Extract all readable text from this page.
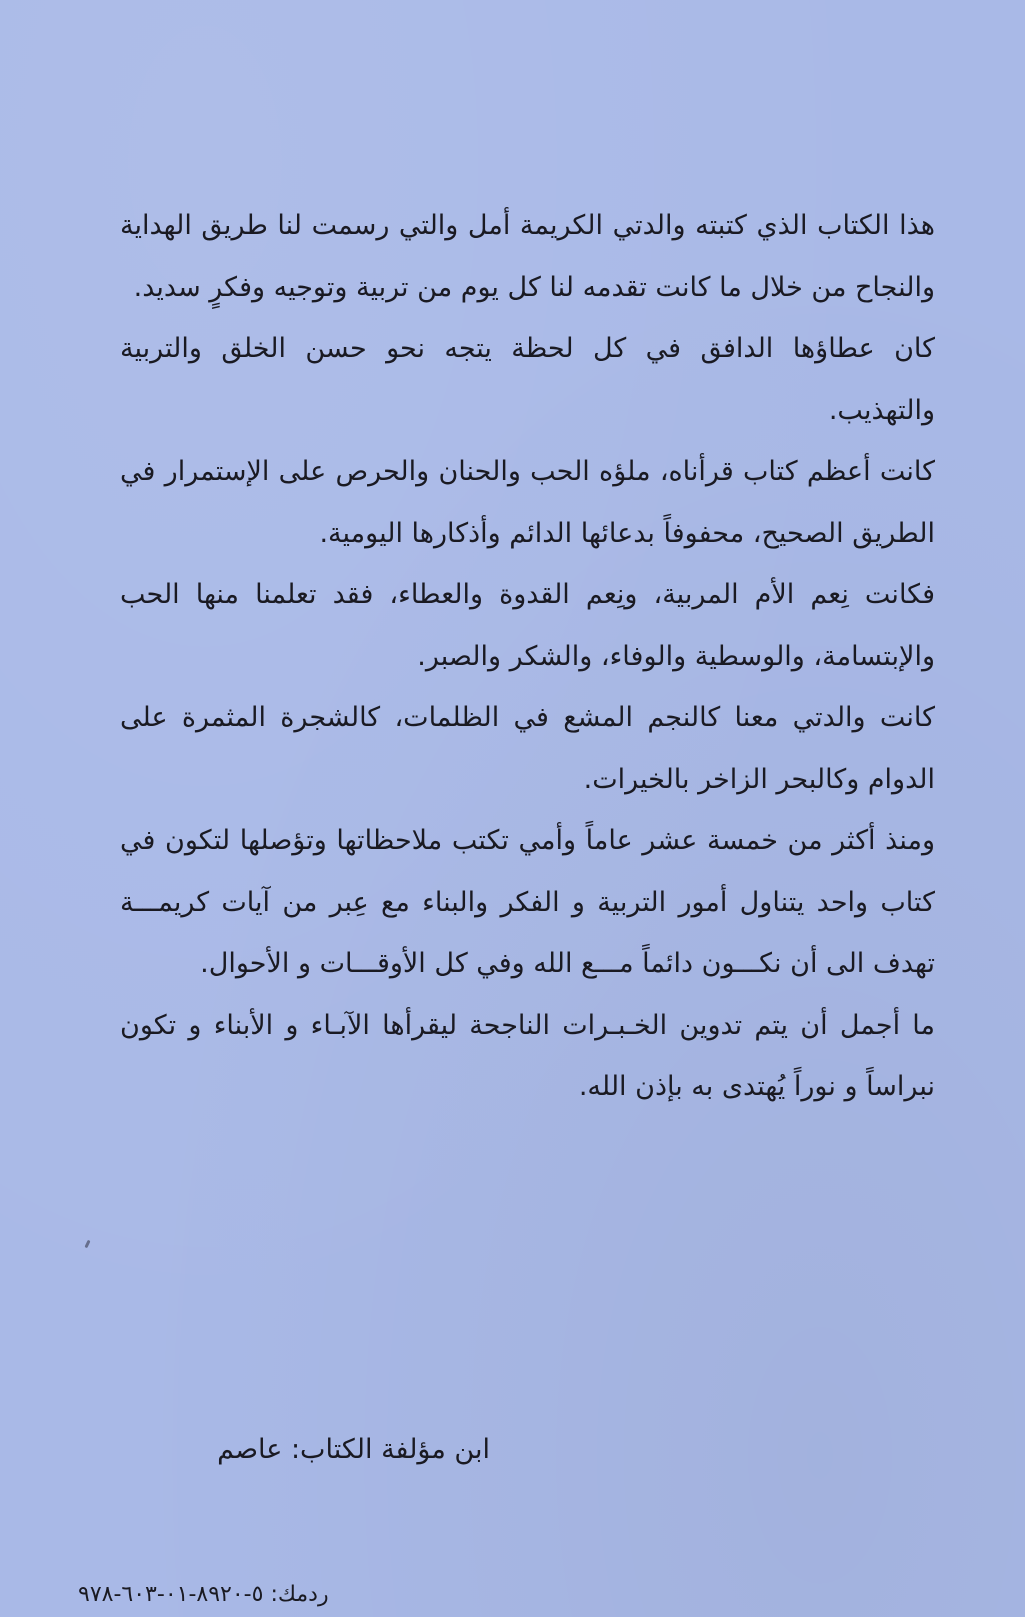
هذا الكتاب الذي كتبته والدتي الكريمة أمل والتي رسمت لنا طريق الهداية والنجاح من خلال ما كانت تقدمه لنا كل يوم من تربية وتوجيه وفكرٍ سديد.

كان عطاؤها الدافق في كل لحظة يتجه نحو حسن الخلق والتربية والتهذيب.

كانت أعظم كتاب قرأناه، ملؤه الحب والحنان والحرص على الإستمرار في الطريق الصحيح، محفوفاً بدعائها الدائم وأذكارها اليومية.

فكانت نِعم الأم المربية، ونِعم القدوة والعطاء، فقد تعلمنا منها الحب والإبتسامة، والوسطية والوفاء، والشكر والصبر.

كانت والدتي معنا كالنجم المشع في الظلمات، كالشجرة المثمرة على الدوام وكالبحر الزاخر بالخيرات.

ومنذ أكثر من خمسة عشر عاماً وأمي تكتب ملاحظاتها وتؤصلها لتكون في كتاب واحد يتناول أمور التربية و الفكر والبناء مع عِبر من آيات كريمـــة تهدف الى أن نكـــون دائماً مـــع الله وفي كل الأوقـــات و الأحوال.

ما أجمل أن يتم تدوين الخـبـرات الناجحة ليقرأها الآبـاء و الأبناء و تكون نبراساً و نوراً يُهتدى به بإذن الله.

ابن مؤلفة الكتاب: عاصم
ردمك: ٥-٨٩٢٠-٠١-٦٠٣-٩٧٨
